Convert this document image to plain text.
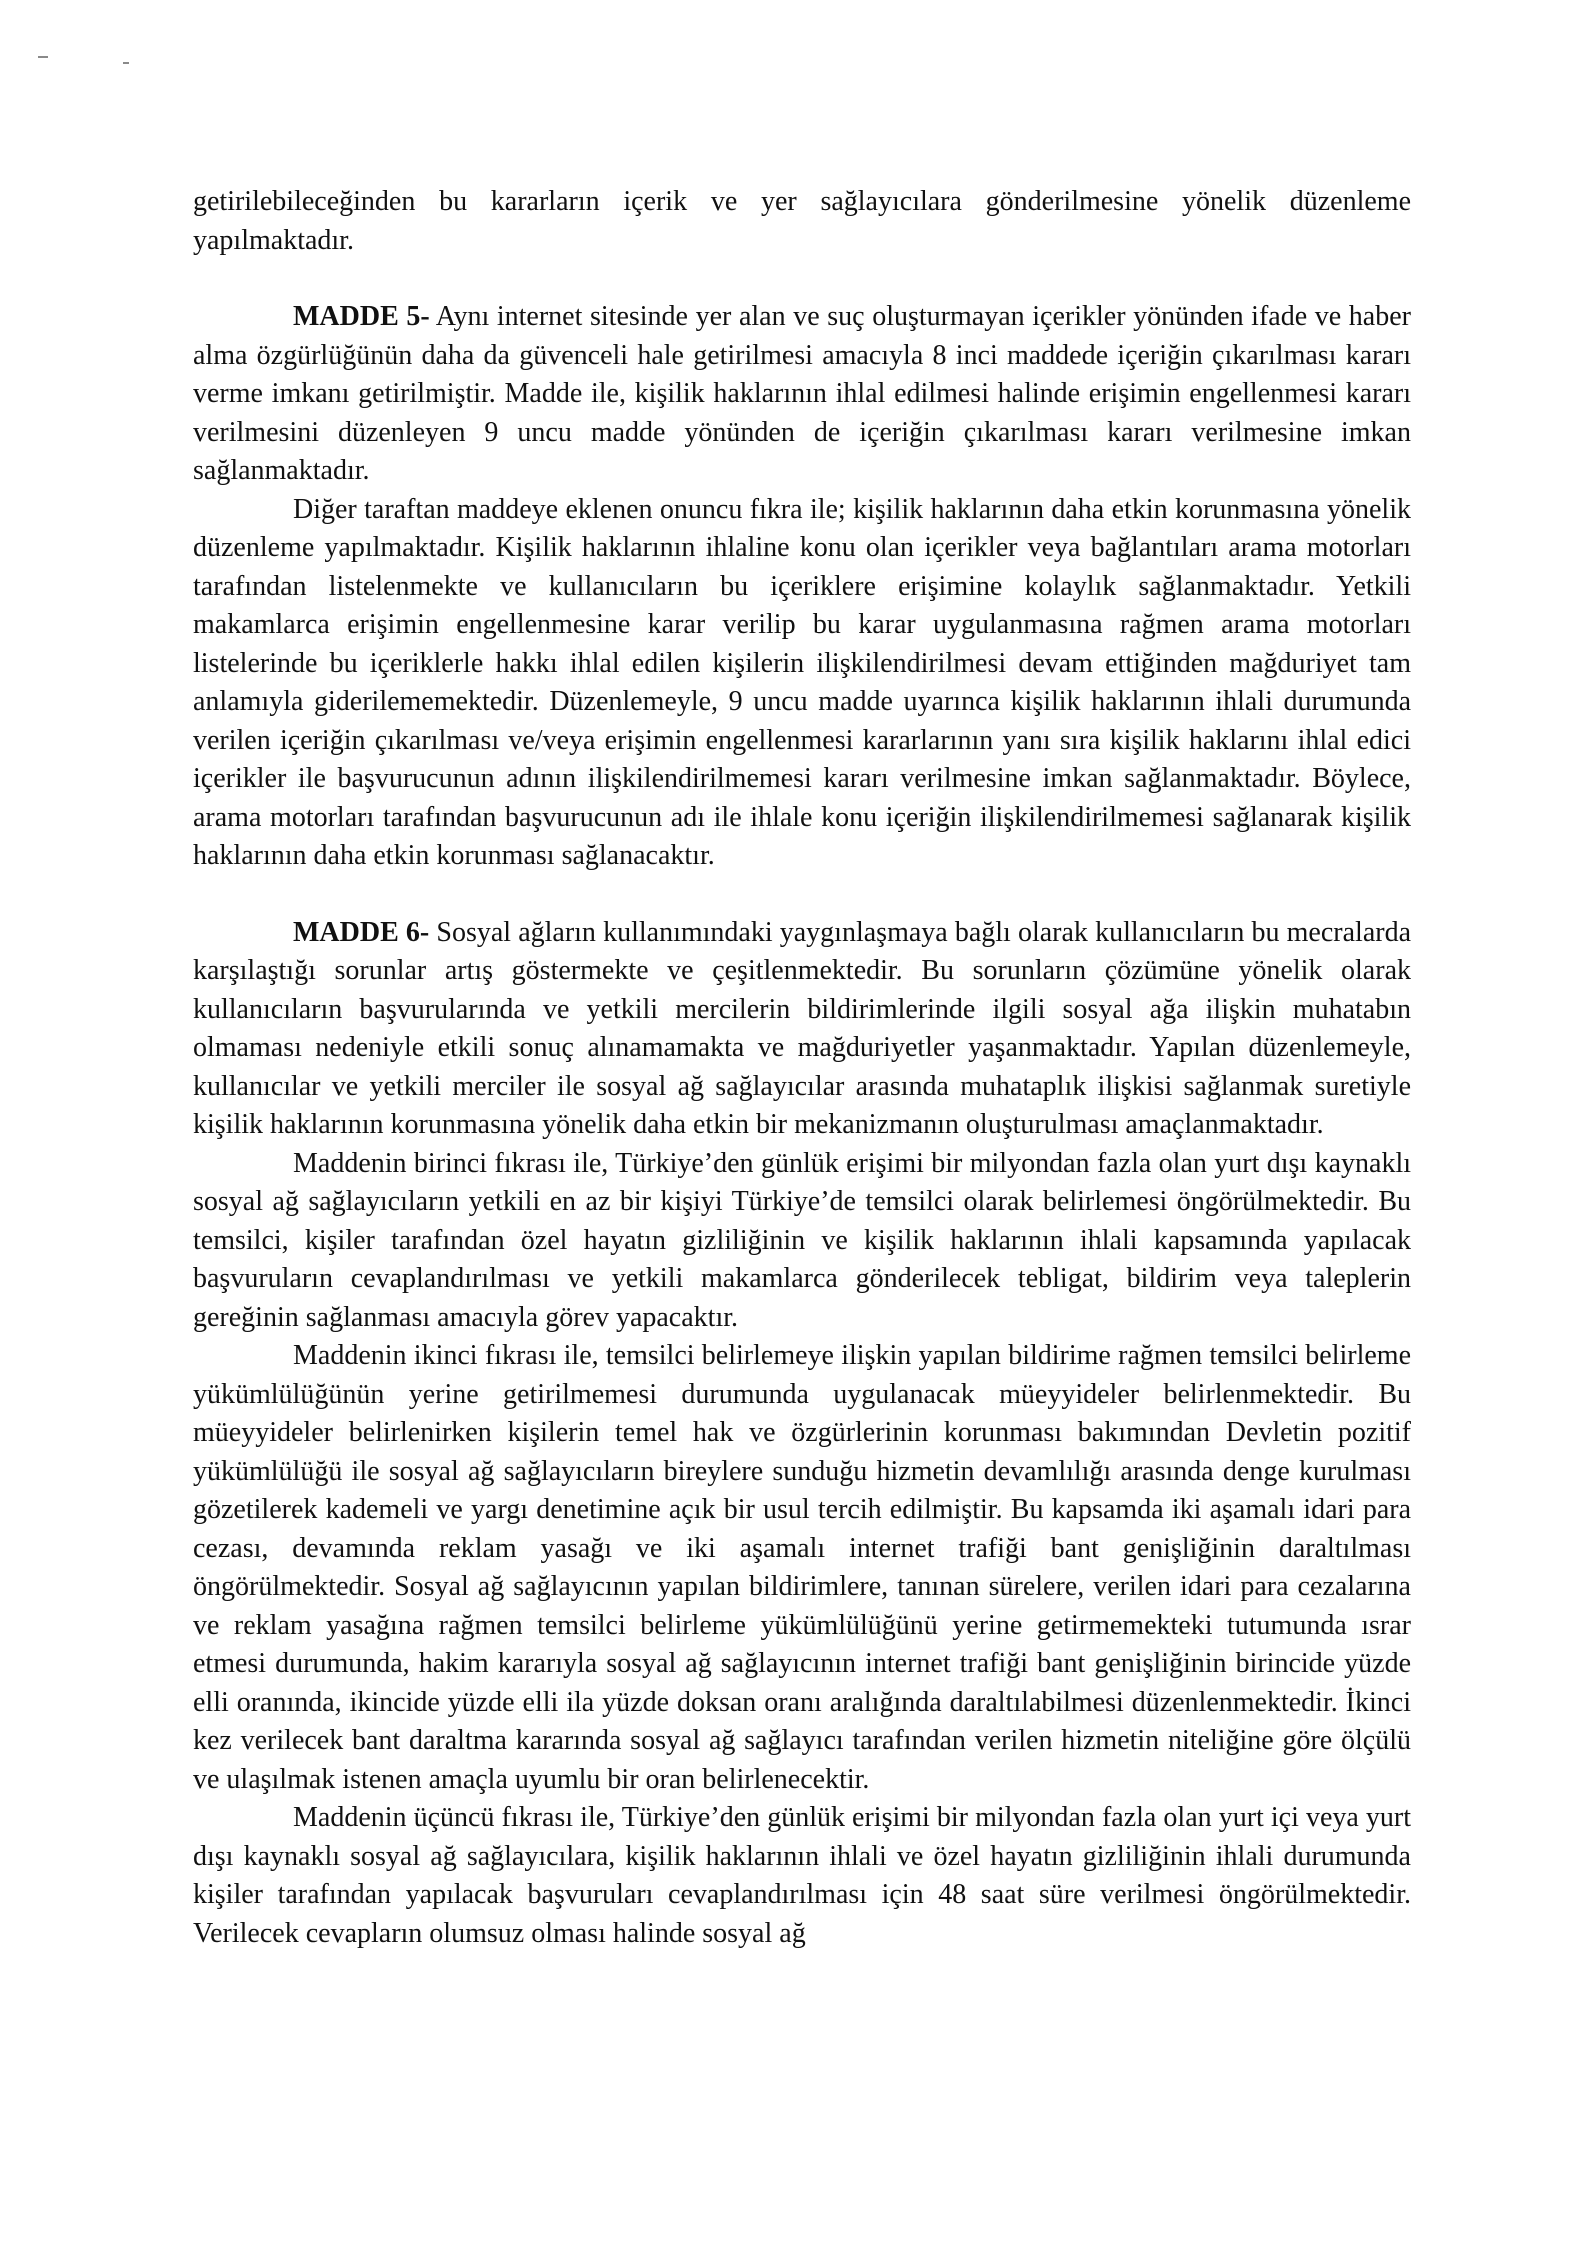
getirilebileceğinden bu kararların içerik ve yer sağlayıcılara gönderilmesine yönelik düzenleme yapılmaktadır.

MADDE 5- Aynı internet sitesinde yer alan ve suç oluşturmayan içerikler yönünden ifade ve haber alma özgürlüğünün daha da güvenceli hale getirilmesi amacıyla 8 inci maddede içeriğin çıkarılması kararı verme imkanı getirilmiştir. Madde ile, kişilik haklarının ihlal edilmesi halinde erişimin engellenmesi kararı verilmesini düzenleyen 9 uncu madde yönünden de içeriğin çıkarılması kararı verilmesine imkan sağlanmaktadır.

Diğer taraftan maddeye eklenen onuncu fıkra ile; kişilik haklarının daha etkin korunmasına yönelik düzenleme yapılmaktadır. Kişilik haklarının ihlaline konu olan içerikler veya bağlantıları arama motorları tarafından listelenmekte ve kullanıcıların bu içeriklere erişimine kolaylık sağlanmaktadır. Yetkili makamlarca erişimin engellenmesine karar verilip bu karar uygulanmasına rağmen arama motorları listelerinde bu içeriklerle hakkı ihlal edilen kişilerin ilişkilendirilmesi devam ettiğinden mağduriyet tam anlamıyla giderilememektedir. Düzenlemeyle, 9 uncu madde uyarınca kişilik haklarının ihlali durumunda verilen içeriğin çıkarılması ve/veya erişimin engellenmesi kararlarının yanı sıra kişilik haklarını ihlal edici içerikler ile başvurucunun adının ilişkilendirilmemesi kararı verilmesine imkan sağlanmaktadır. Böylece, arama motorları tarafından başvurucunun adı ile ihlale konu içeriğin ilişkilendirilmemesi sağlanarak kişilik haklarının daha etkin korunması sağlanacaktır.

MADDE 6- Sosyal ağların kullanımındaki yaygınlaşmaya bağlı olarak kullanıcıların bu mecralarda karşılaştığı sorunlar artış göstermekte ve çeşitlenmektedir. Bu sorunların çözümüne yönelik olarak kullanıcıların başvurularında ve yetkili mercilerin bildirimlerinde ilgili sosyal ağa ilişkin muhatabın olmaması nedeniyle etkili sonuç alınamamakta ve mağduriyetler yaşanmaktadır. Yapılan düzenlemeyle, kullanıcılar ve yetkili merciler ile sosyal ağ sağlayıcılar arasında muhataplık ilişkisi sağlanmak suretiyle kişilik haklarının korunmasına yönelik daha etkin bir mekanizmanın oluşturulması amaçlanmaktadır.

Maddenin birinci fıkrası ile, Türkiye’den günlük erişimi bir milyondan fazla olan yurt dışı kaynaklı sosyal ağ sağlayıcıların yetkili en az bir kişiyi Türkiye’de temsilci olarak belirlemesi öngörülmektedir. Bu temsilci, kişiler tarafından özel hayatın gizliliğinin ve kişilik haklarının ihlali kapsamında yapılacak başvuruların cevaplandırılması ve yetkili makamlarca gönderilecek tebligat, bildirim veya taleplerin gereğinin sağlanması amacıyla görev yapacaktır.

Maddenin ikinci fıkrası ile, temsilci belirlemeye ilişkin yapılan bildirime rağmen temsilci belirleme yükümlülüğünün yerine getirilmemesi durumunda uygulanacak müeyyideler belirlenmektedir. Bu müeyyideler belirlenirken kişilerin temel hak ve özgürlerinin korunması bakımından Devletin pozitif yükümlülüğü ile sosyal ağ sağlayıcıların bireylere sunduğu hizmetin devamlılığı arasında denge kurulması gözetilerek kademeli ve yargı denetimine açık bir usul tercih edilmiştir. Bu kapsamda iki aşamalı idari para cezası, devamında reklam yasağı ve iki aşamalı internet trafiği bant genişliğinin daraltılması öngörülmektedir. Sosyal ağ sağlayıcının yapılan bildirimlere, tanınan sürelere, verilen idari para cezalarına ve reklam yasağına rağmen temsilci belirleme yükümlülüğünü yerine getirmemekteki tutumunda ısrar etmesi durumunda, hakim kararıyla sosyal ağ sağlayıcının internet trafiği bant genişliğinin birincide yüzde elli oranında, ikincide yüzde elli ila yüzde doksan oranı aralığında daraltılabilmesi düzenlenmektedir. İkinci kez verilecek bant daraltma kararında sosyal ağ sağlayıcı tarafından verilen hizmetin niteliğine göre ölçülü ve ulaşılmak istenen amaçla uyumlu bir oran belirlenecektir.

Maddenin üçüncü fıkrası ile, Türkiye’den günlük erişimi bir milyondan fazla olan yurt içi veya yurt dışı kaynaklı sosyal ağ sağlayıcılara, kişilik haklarının ihlali ve özel hayatın gizliliğinin ihlali durumunda kişiler tarafından yapılacak başvuruları cevaplandırılması için 48 saat süre verilmesi öngörülmektedir. Verilecek cevapların olumsuz olması halinde sosyal ağ
